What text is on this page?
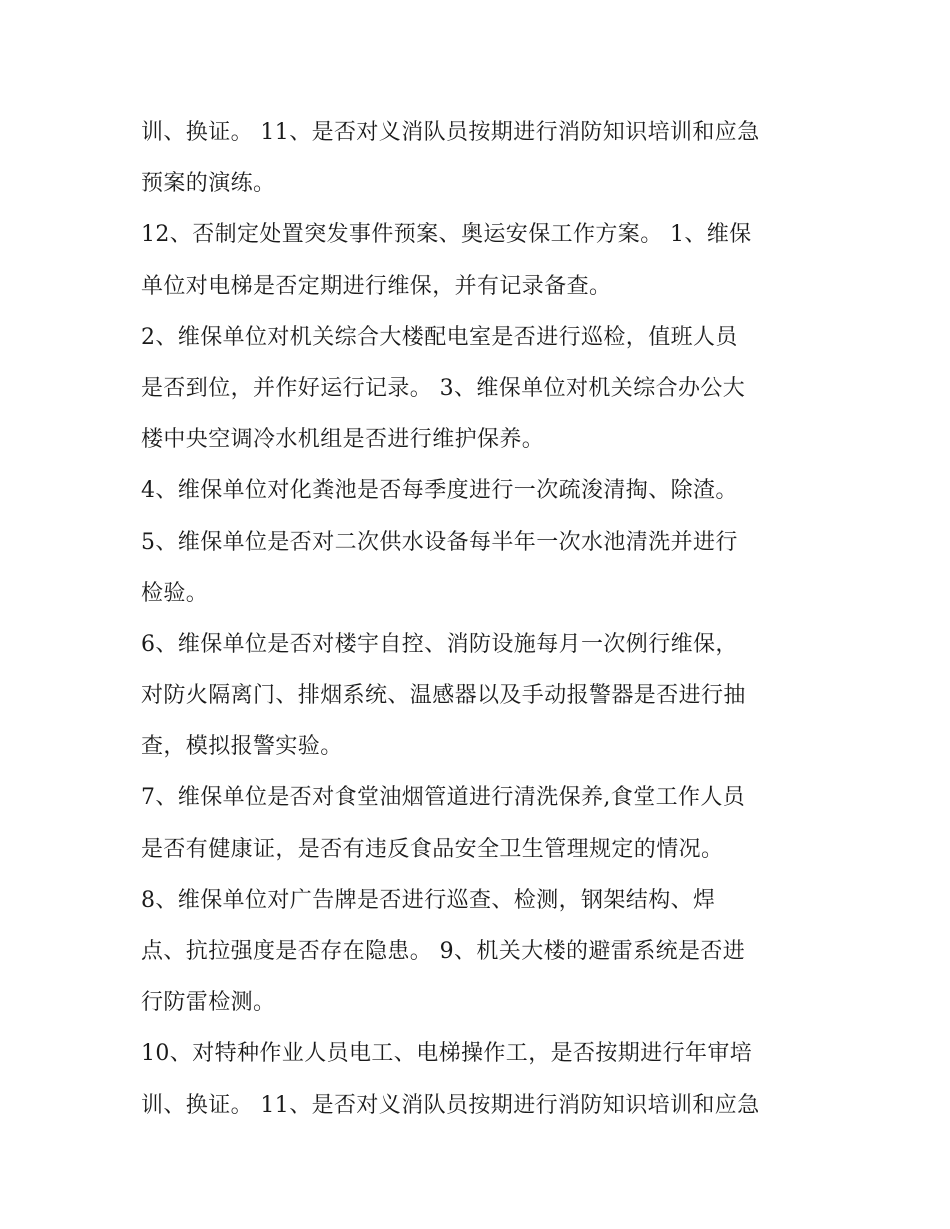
训、换证。 11、是否对义消队员按期进行消防知识培训和应急
预案的演练。
12、否制定处置突发事件预案、奥运安保工作方案。 1、维保
单位对电梯是否定期进行维保，并有记录备查。
2、维保单位对机关综合大楼配电室是否进行巡检，值班人员
是否到位，并作好运行记录。 3、维保单位对机关综合办公大
楼中央空调冷水机组是否进行维护保养。
4、维保单位对化粪池是否每季度进行一次疏浚清掏、除渣。
5、维保单位是否对二次供水设备每半年一次水池清洗并进行
检验。
6、维保单位是否对楼宇自控、消防设施每月一次例行维保，
对防火隔离门、排烟系统、温感器以及手动报警器是否进行抽
查，模拟报警实验。
7、维保单位是否对食堂油烟管道进行清洗保养,食堂工作人员
是否有健康证，是否有违反食品安全卫生管理规定的情况。
8、维保单位对广告牌是否进行巡查、检测，钢架结构、焊
点、抗拉强度是否存在隐患。 9、机关大楼的避雷系统是否进
行防雷检测。
10、对特种作业人员电工、电梯操作工，是否按期进行年审培
训、换证。 11、是否对义消队员按期进行消防知识培训和应急
